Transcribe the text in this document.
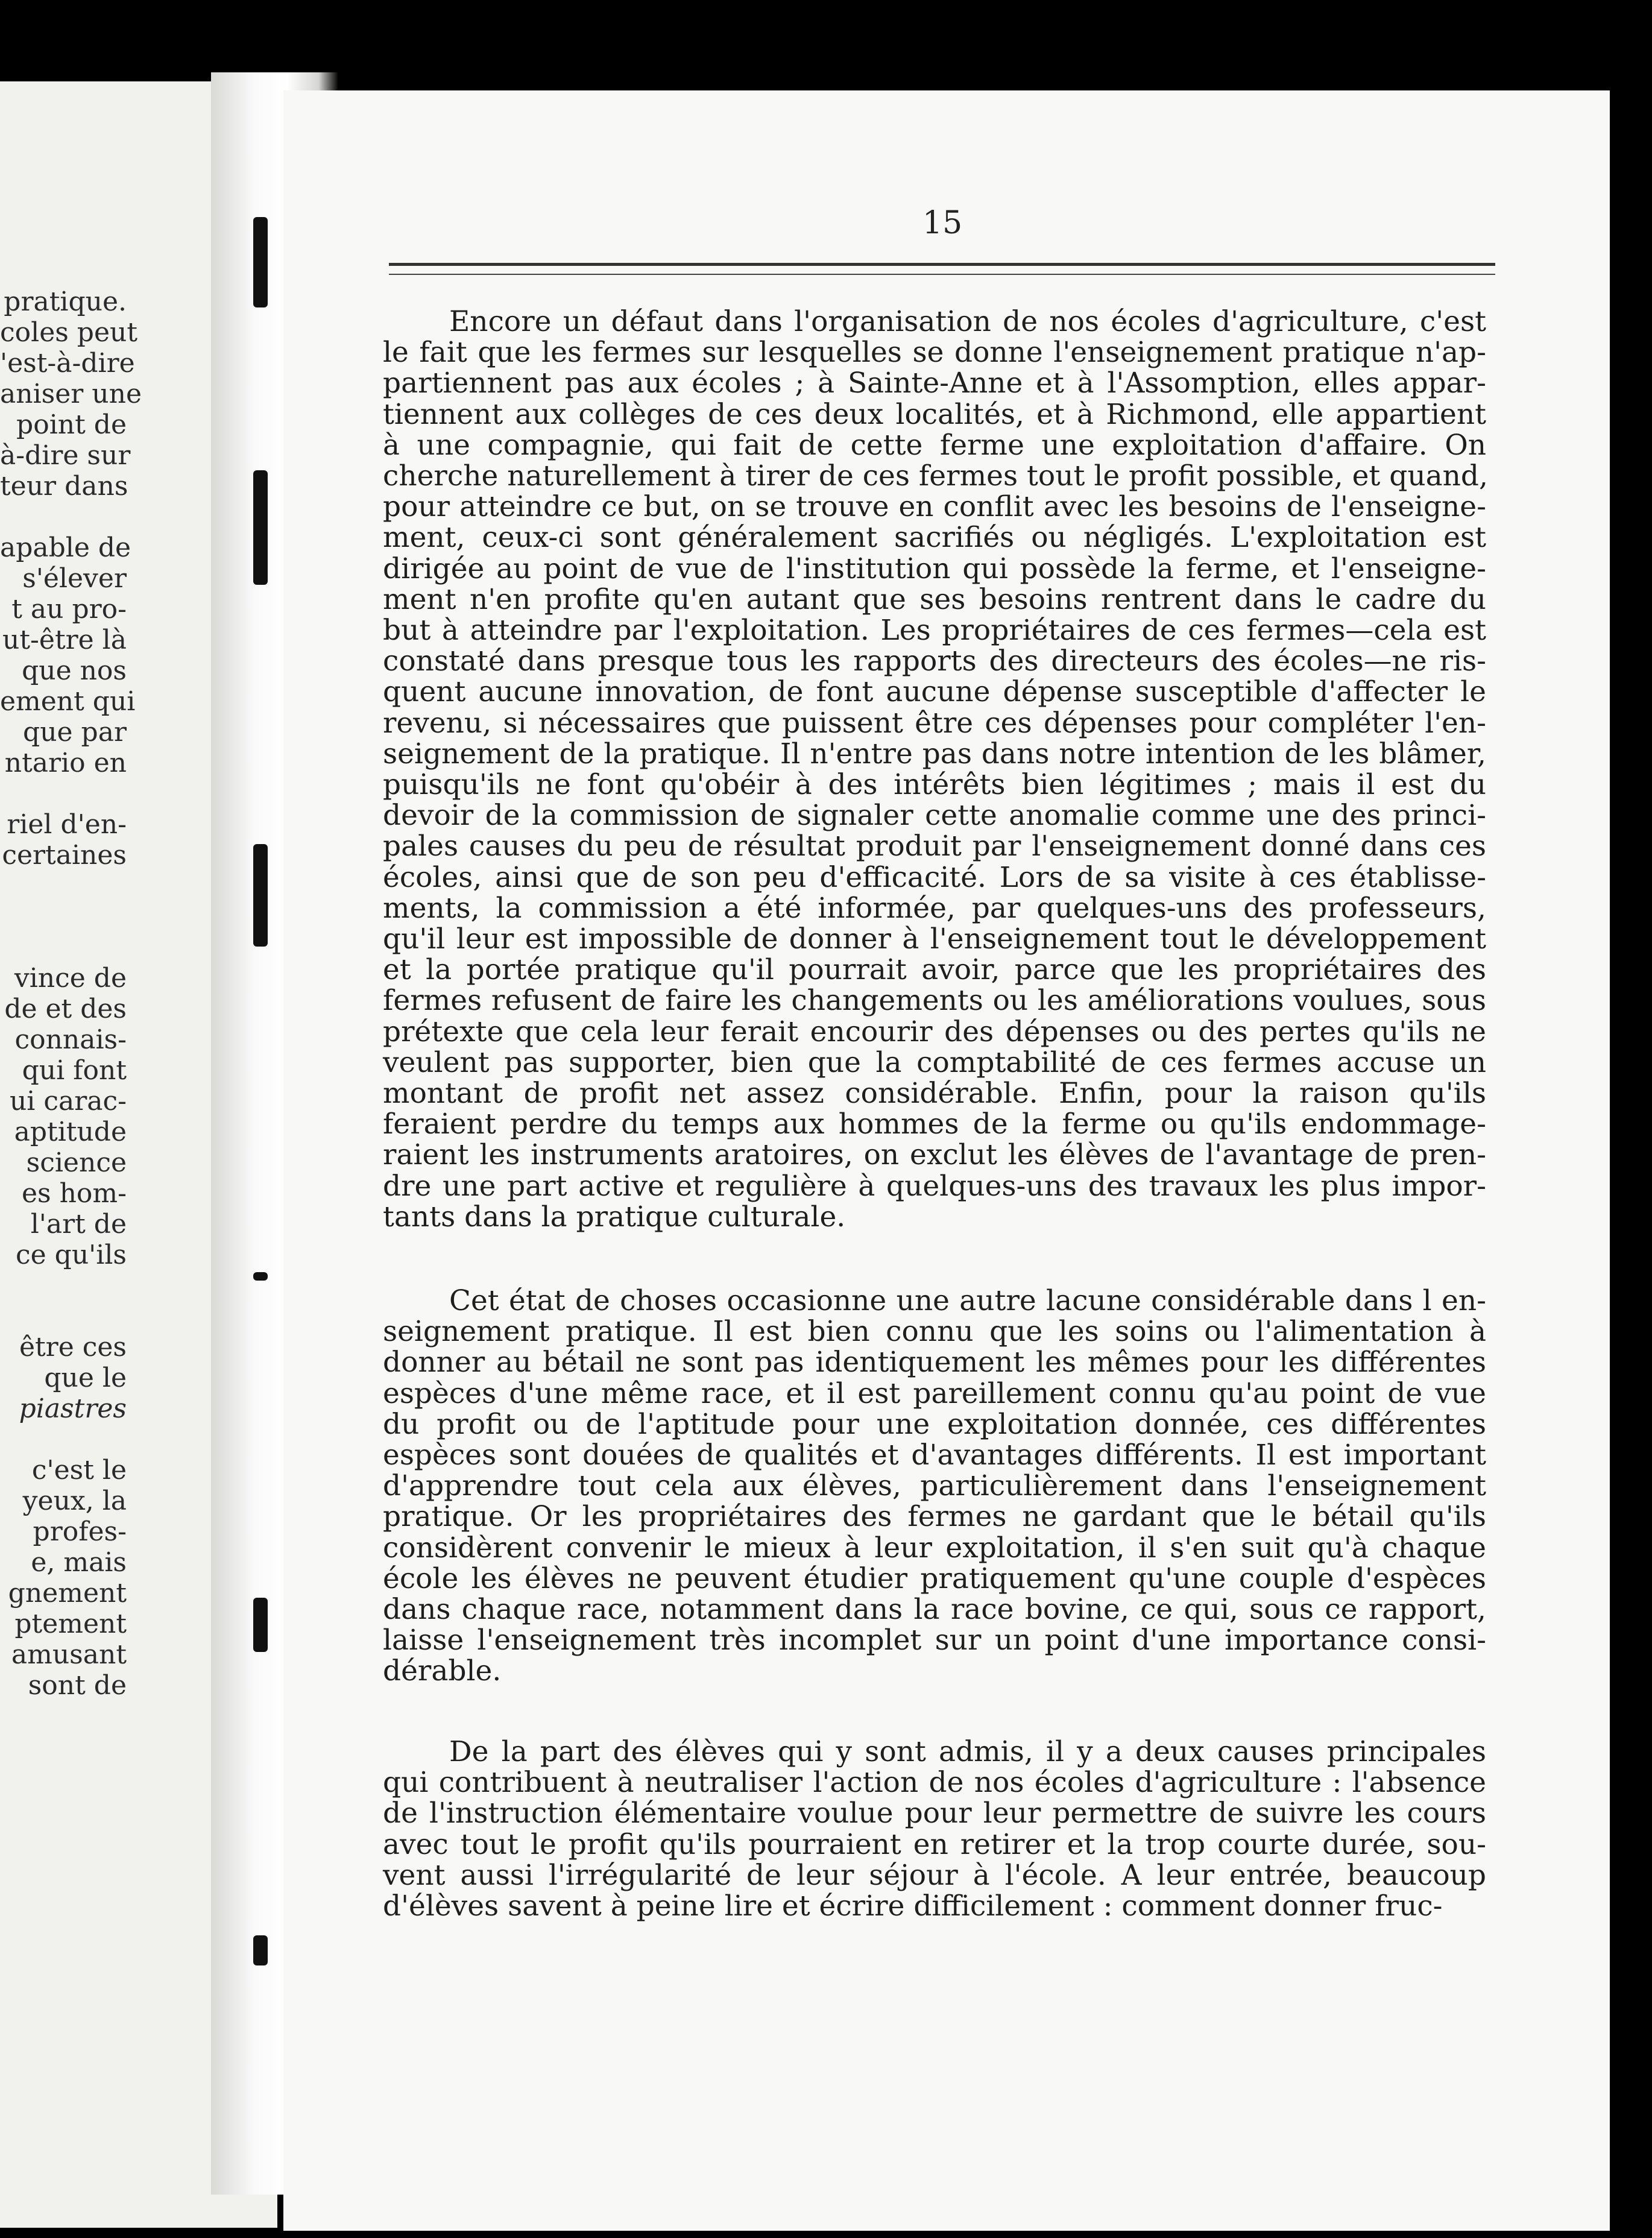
pratique.

coles peut

'est-à-dire

aniser une

point de

à-dire sur

teur dans

apable de

s'élever

t au pro-

ut-être là

que nos

ement qui

que par

ntario en

riel d'en-

certaines

vince de

de et des

connais-

qui font

ui carac-

aptitude

science

es hom-

l'art de

ce qu'ils

être ces

que le

piastres

c'est le

yeux, la

profes-

e, mais

gnement

ptement

amusant

sont de

15

Encore un défaut dans l'organisation de nos écoles d'agriculture, c'est

le fait que les fermes sur lesquelles se donne l'enseignement pratique n'ap-

partiennent pas aux écoles ; à Sainte-Anne et à l'Assomption, elles appar-

tiennent aux collèges de ces deux localités, et à Richmond, elle appartient

à une compagnie, qui fait de cette ferme une exploitation d'affaire. On

cherche naturellement à tirer de ces fermes tout le profit possible, et quand,

pour atteindre ce but, on se trouve en conflit avec les besoins de l'enseigne-

ment, ceux-ci sont généralement sacrifiés ou négligés. L'exploitation est

dirigée au point de vue de l'institution qui possède la ferme, et l'enseigne-

ment n'en profite qu'en autant que ses besoins rentrent dans le cadre du

but à atteindre par l'exploitation. Les propriétaires de ces fermes—cela est

constaté dans presque tous les rapports des directeurs des écoles—ne ris-

quent aucune innovation, de font aucune dépense susceptible d'affecter le

revenu, si nécessaires que puissent être ces dépenses pour compléter l'en-

seignement de la pratique. Il n'entre pas dans notre intention de les blâmer,

puisqu'ils ne font qu'obéir à des intérêts bien légitimes ; mais il est du

devoir de la commission de signaler cette anomalie comme une des princi-

pales causes du peu de résultat produit par l'enseignement donné dans ces

écoles, ainsi que de son peu d'efficacité. Lors de sa visite à ces établisse-

ments, la commission a été informée, par quelques-uns des professeurs,

qu'il leur est impossible de donner à l'enseignement tout le développement

et la portée pratique qu'il pourrait avoir, parce que les propriétaires des

fermes refusent de faire les changements ou les améliorations voulues, sous

prétexte que cela leur ferait encourir des dépenses ou des pertes qu'ils ne

veulent pas supporter, bien que la comptabilité de ces fermes accuse un

montant de profit net assez considérable. Enfin, pour la raison qu'ils

feraient perdre du temps aux hommes de la ferme ou qu'ils endommage-

raient les instruments aratoires, on exclut les élèves de l'avantage de pren-

dre une part active et regulière à quelques-uns des travaux les plus impor-

tants dans la pratique culturale.

Cet état de choses occasionne une autre lacune considérable dans l en-

seignement pratique. Il est bien connu que les soins ou l'alimentation à

donner au bétail ne sont pas identiquement les mêmes pour les différentes

espèces d'une même race, et il est pareillement connu qu'au point de vue

du profit ou de l'aptitude pour une exploitation donnée, ces différentes

espèces sont douées de qualités et d'avantages différents. Il est important

d'apprendre tout cela aux élèves, particulièrement dans l'enseignement

pratique. Or les propriétaires des fermes ne gardant que le bétail qu'ils

considèrent convenir le mieux à leur exploitation, il s'en suit qu'à chaque

école les élèves ne peuvent étudier pratiquement qu'une couple d'espèces

dans chaque race, notamment dans la race bovine, ce qui, sous ce rapport,

laisse l'enseignement très incomplet sur un point d'une importance consi-

dérable.

De la part des élèves qui y sont admis, il y a deux causes principales

qui contribuent à neutraliser l'action de nos écoles d'agriculture : l'absence

de l'instruction élémentaire voulue pour leur permettre de suivre les cours

avec tout le profit qu'ils pourraient en retirer et la trop courte durée, sou-

vent aussi l'irrégularité de leur séjour à l'école. A leur entrée, beaucoup

d'élèves savent à peine lire et écrire difficilement : comment donner fruc-
